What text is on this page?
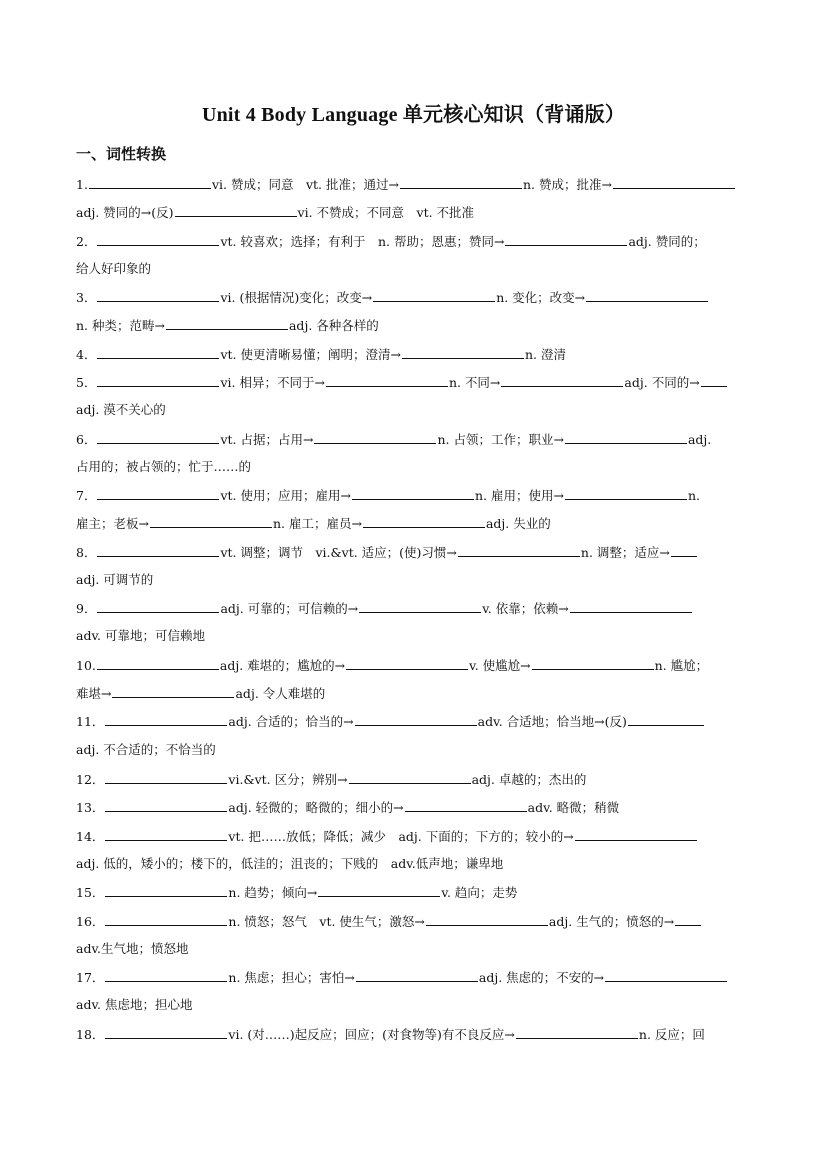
Unit 4 Body Language 单元核心知识（背诵版）
一、词性转换
1.	vi. 赞成；同意　vt. 批准；通过→	n. 赞成；批准→
adj. 赞同的→(反)	vi. 不赞成；不同意　vt. 不批准
2．	vt. 较喜欢；选择；有利于　n. 帮助；恩惠；赞同→	adj. 赞同的；
给人好印象的
3．	vi. (根据情况)变化；改变→	n. 变化；改变→
n. 种类；范畴→	adj. 各种各样的
4．	vt. 使更清晰易懂；阐明；澄清→	n. 澄清
5．	vi. 相异；不同于→	n. 不同→	adj. 不同的→
adj. 漠不关心的
6．	vt. 占据；占用→	n. 占领；工作；职业→	adj.
占用的；被占领的；忙于……的
7．	vt. 使用；应用；雇用→	n. 雇用；使用→	n.
雇主；老板→	n. 雇工；雇员→	adj. 失业的
8．	vt. 调整；调节　vi.&vt. 适应；(使)习惯→	n. 调整；适应→
adj. 可调节的
9．	adj. 可靠的；可信赖的→	v. 依靠；依赖→
adv. 可靠地；可信赖地
10.	adj. 难堪的；尴尬的→	v. 使尴尬→	n. 尴尬；
难堪→	adj. 令人难堪的
11．	adj. 合适的；恰当的→	adv. 合适地；恰当地→(反)
adj. 不合适的；不恰当的
12．	vi.&vt. 区分；辨别→	adj. 卓越的；杰出的
13．	adj. 轻微的；略微的；细小的→	adv. 略微；稍微
14．	vt. 把……放低；降低；减少　adj. 下面的；下方的；较小的→
adj. 低的，矮小的；楼下的，低洼的；沮丧的；下贱的　adv.低声地；谦卑地
15．	n. 趋势；倾向→	v. 趋向；走势
16．	n. 愤怒；怒气　vt. 使生气；激怒→	adj. 生气的；愤怒的→
adv.生气地；愤怒地
17．	n. 焦虑；担心；害怕→	adj. 焦虑的；不安的→
adv. 焦虑地；担心地
18．	vi. (对……)起反应；回应；(对食物等)有不良反应→	n. 反应；回
